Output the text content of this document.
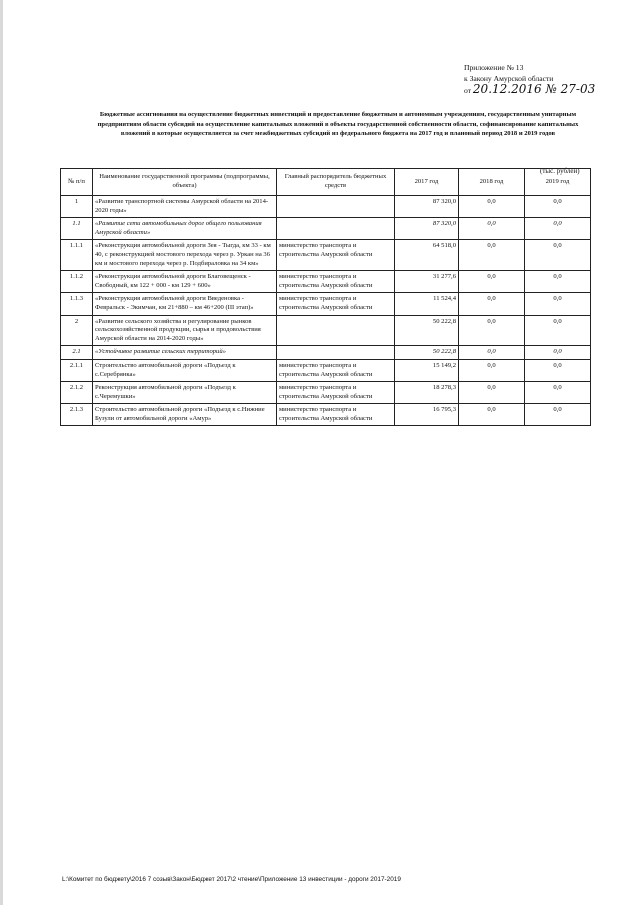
Приложение № 13
к Закону Амурской области
от 20.12.2016 № 27-03
Бюджетные ассигнования на осуществление бюджетных инвестиций и предоставление бюджетным и автономным учреждениям, государственным унитарным предприятиям области субсидий на осуществление капитальных вложений в объекты государственной собственности области, софинансирование капитальных вложений в которые осуществляется за счет межбюджетных субсидий из федерального бюджета на 2017 год и плановый период 2018 и 2019 годов
(тыс. рублей)
№ п/п	Наименование государственной программы (подпрограммы, объекта)	Главный распорядитель бюджетных средств	2017 год	2018 год	2019 год
1	«Развитие транспортной системы Амурской области на 2014-2020 годы»		87 320,0	0,0	0,0
1.1	«Развитие сети автомобильных дорог общего пользования Амурской области»		87 320,0	0,0	0,0
1.1.1	«Реконструкция автомобильной дороги Зея - Тыгда, км 33 - км 40, с реконструкцией мостового перехода через р. Уркан на 36 км и мостового перехода через р. Подбираловка на 34 км»	министерство транспорта и строительства Амурской области	64 518,0	0,0	0,0
1.1.2	«Реконструкция автомобильной дороги Благовещенск - Свободный, км 122 + 000 - км 129 + 600»	министерство транспорта и строительства Амурской области	31 277,6	0,0	0,0
1.1.3	«Реконструкция автомобильной дороги Введеновка - Февральск - Экимчан, км 21+880 – км 46+200 (III этап)»	министерство транспорта и строительства Амурской области	11 524,4	0,0	0,0
2	«Развитие сельского хозяйства и регулирование рынков сельскохозяйственной продукции, сырья и продовольствия Амурской области на 2014-2020 годы»		50 222,8	0,0	0,0
2.1	«Устойчивое развитие сельских территорий»		50 222,8	0,0	0,0
2.1.1	Строительство автомобильной дороги «Подъезд к с.Серебрянка»	министерство транспорта и строительства Амурской области	15 149,2	0,0	0,0
2.1.2	Реконструкция автомобильной дороги «Подъезд к с.Черемушки»	министерство транспорта и строительства Амурской области	18 278,3	0,0	0,0
2.1.3	Строительство автомобильной дороги «Подъезд к с.Нижние Бузули от автомобильной дороги «Амур»	министерство транспорта и строительства Амурской области	16 795,3	0,0	0,0
L:\Комитет по бюджету\2016 7 созыв\Закон\Бюджет 2017\2 чтение\Приложение 13 инвестиции - дороги 2017-2019
